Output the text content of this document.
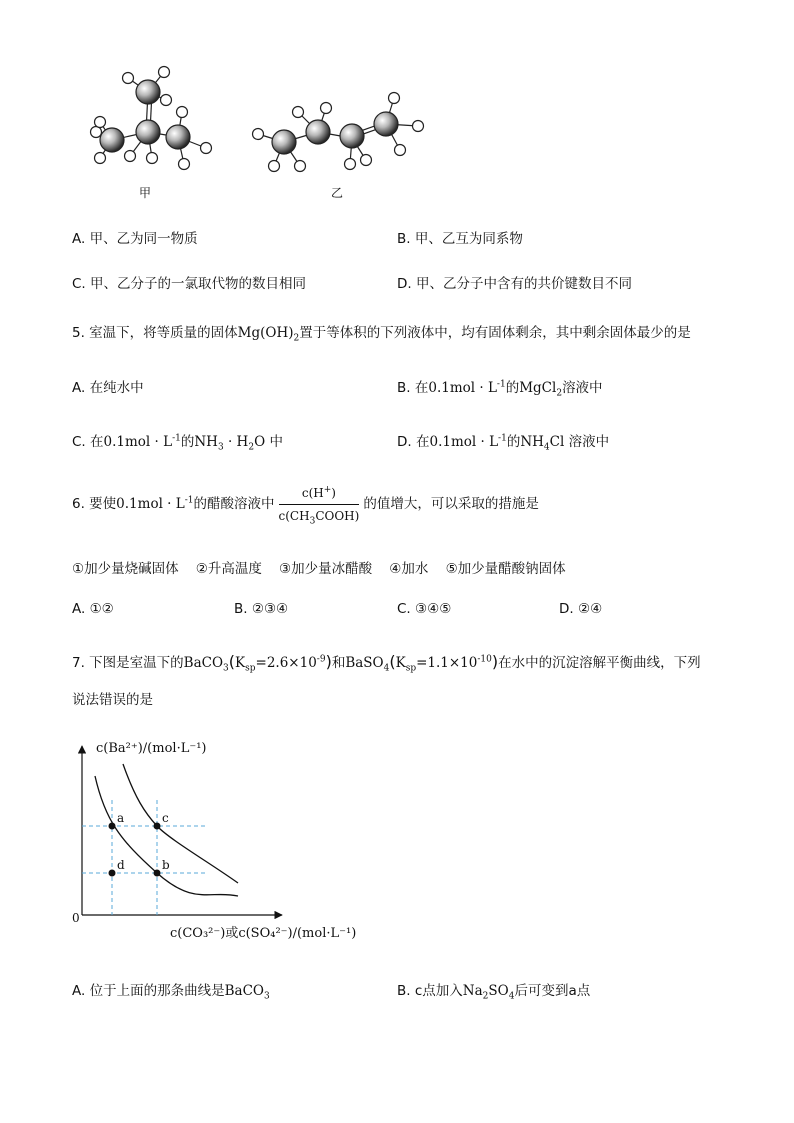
甲	乙
A. 甲、乙为同一物质	B. 甲、乙互为同系物
C. 甲、乙分子的一氯取代物的数目相同	D. 甲、乙分子中含有的共价键数目不同
5. 室温下，将等质量的固体$Mg(OH)_2$置于等体积的下列液体中，均有固体剩余，其中剩余固体最少的是
A. 在纯水中	B. 在$0.1mol \cdot L^{-1}$的MgCl$_2$溶液中
C. 在$0.1mol \cdot L^{-1}$的$NH_3 \cdot H_2O$ 中	D. 在$0.1mol \cdot L^{-1}$的$NH_4Cl$ 溶液中
6. 要使$0.1mol \cdot L^{-1}$的醋酸溶液中 $\frac{c(H^+)}{c(CH_3COOH)}$ 的值增大，可以采取的措施是
①加少量烧碱固体    ②升高温度    ③加少量冰醋酸    ④加水    ⑤加少量醋酸钠固体
A. ①②	B. ②③④	C. ③④⑤	D. ②④
7. 下图是室温下的$BaCO_3(K_{sp}=2.6\times 10^{-9})$和$BaSO_4(K_{sp}=1.1\times 10^{-10})$在水中的沉淀溶解平衡曲线，下列
说法错误的是
c(Ba²⁺)/(mol·L⁻¹)
0
c(CO₃²⁻)或c(SO₄²⁻)/(mol·L⁻¹)
a	c
b
d
A. 位于上面的那条曲线是BaCO$_3$	B. c点加入$Na_2SO_4$后可变到a点
